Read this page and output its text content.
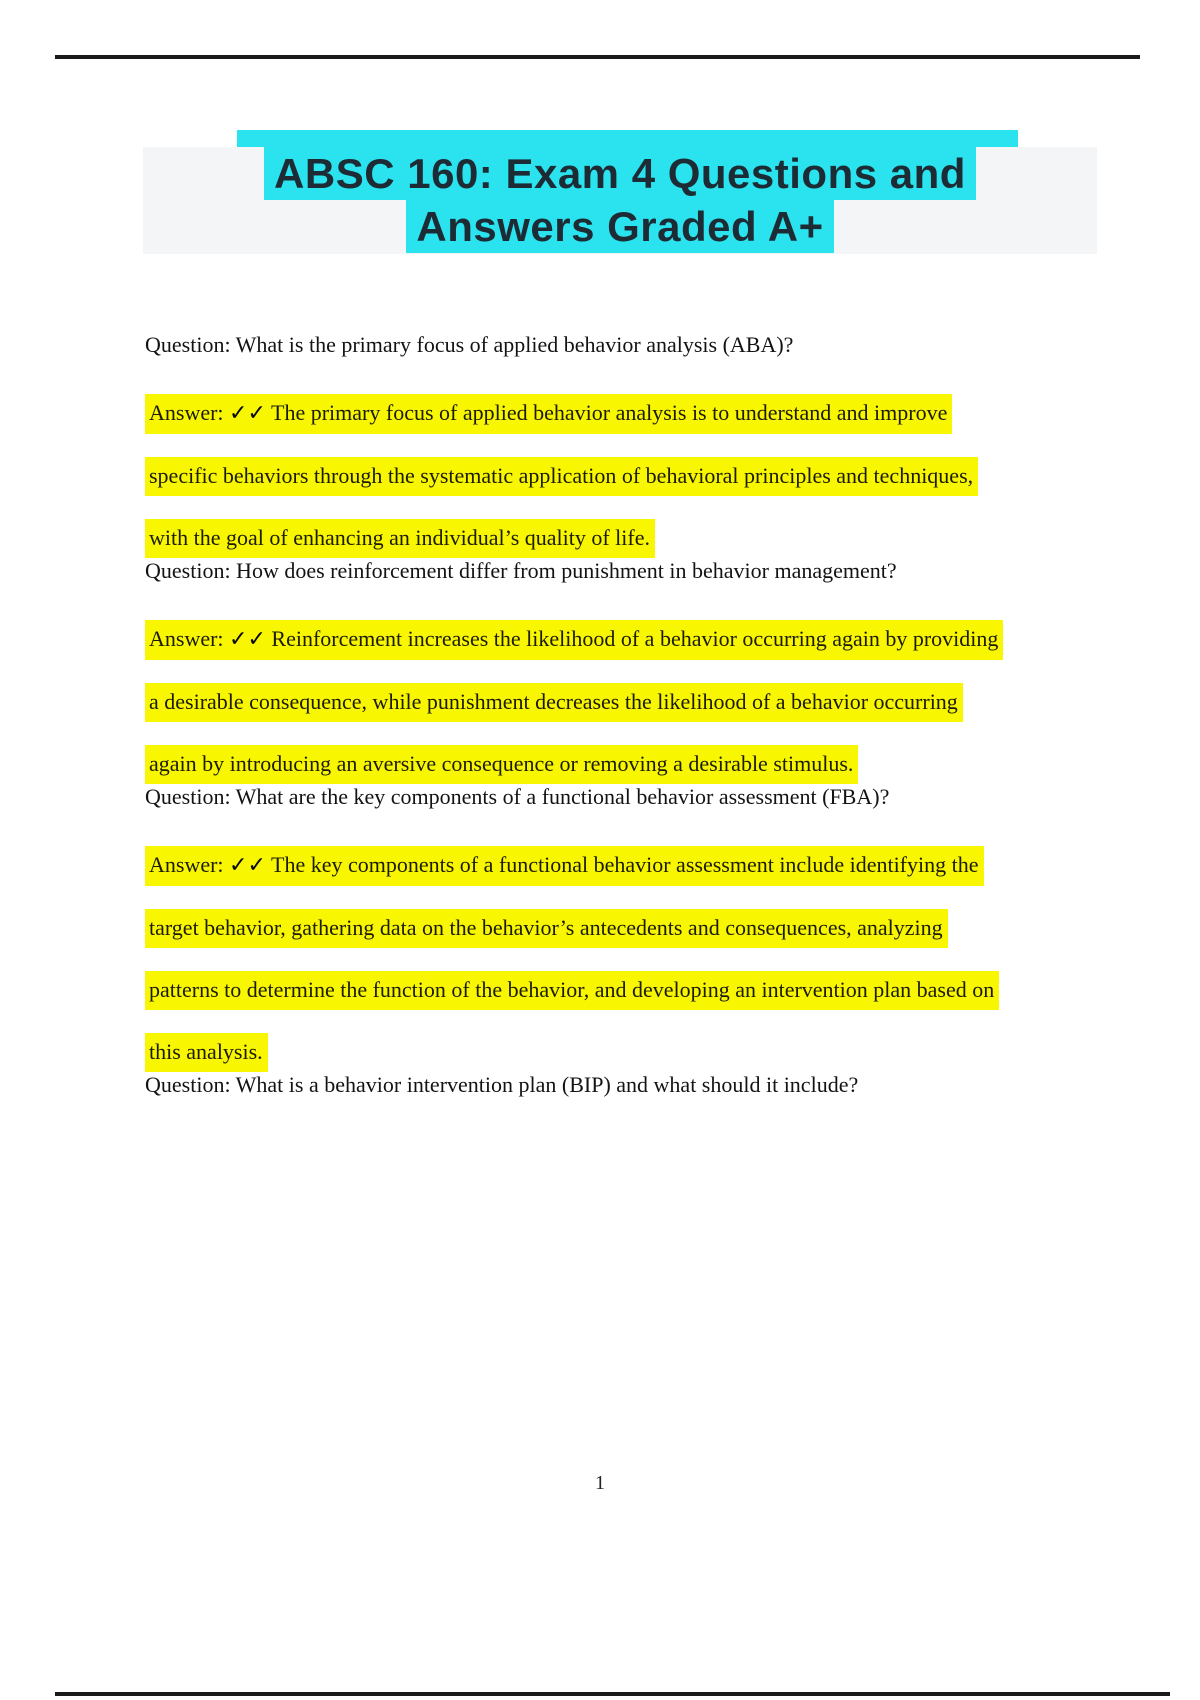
ABSC 160: Exam 4 Questions and
Answers Graded A+

Question: What is the primary focus of applied behavior analysis (ABA)?

Answer: ✓✓ The primary focus of applied behavior analysis is to understand and improve
specific behaviors through the systematic application of behavioral principles and techniques,
with the goal of enhancing an individual’s quality of life.

Question: How does reinforcement differ from punishment in behavior management?

Answer: ✓✓ Reinforcement increases the likelihood of a behavior occurring again by providing
a desirable consequence, while punishment decreases the likelihood of a behavior occurring
again by introducing an aversive consequence or removing a desirable stimulus.

Question: What are the key components of a functional behavior assessment (FBA)?

Answer: ✓✓ The key components of a functional behavior assessment include identifying the
target behavior, gathering data on the behavior’s antecedents and consequences, analyzing
patterns to determine the function of the behavior, and developing an intervention plan based on
this analysis.

Question: What is a behavior intervention plan (BIP) and what should it include?

1
